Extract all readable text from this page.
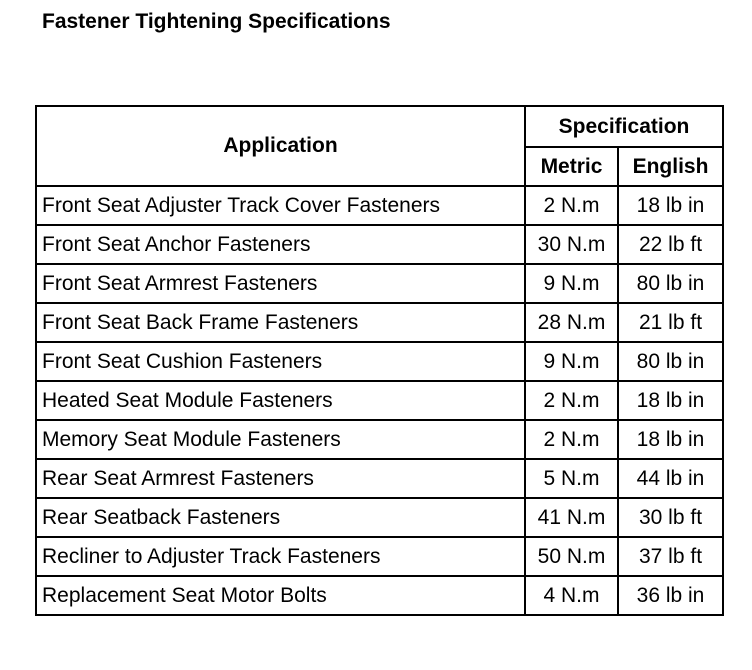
Fastener Tightening Specifications
Application	Specification	
	Metric	English
Front Seat Adjuster Track Cover Fasteners	2 N.m	18 lb in
Front Seat Anchor Fasteners	30 N.m	22 lb ft
Front Seat Armrest Fasteners	9 N.m	80 lb in
Front Seat Back Frame Fasteners	28 N.m	21 lb ft
Front Seat Cushion Fasteners	9 N.m	80 lb in
Heated Seat Module Fasteners	2 N.m	18 lb in
Memory Seat Module Fasteners	2 N.m	18 lb in
Rear Seat Armrest Fasteners	5 N.m	44 lb in
Rear Seatback Fasteners	41 N.m	30 lb ft
Recliner to Adjuster Track Fasteners	50 N.m	37 lb ft
Replacement Seat Motor Bolts	4 N.m	36 lb in
